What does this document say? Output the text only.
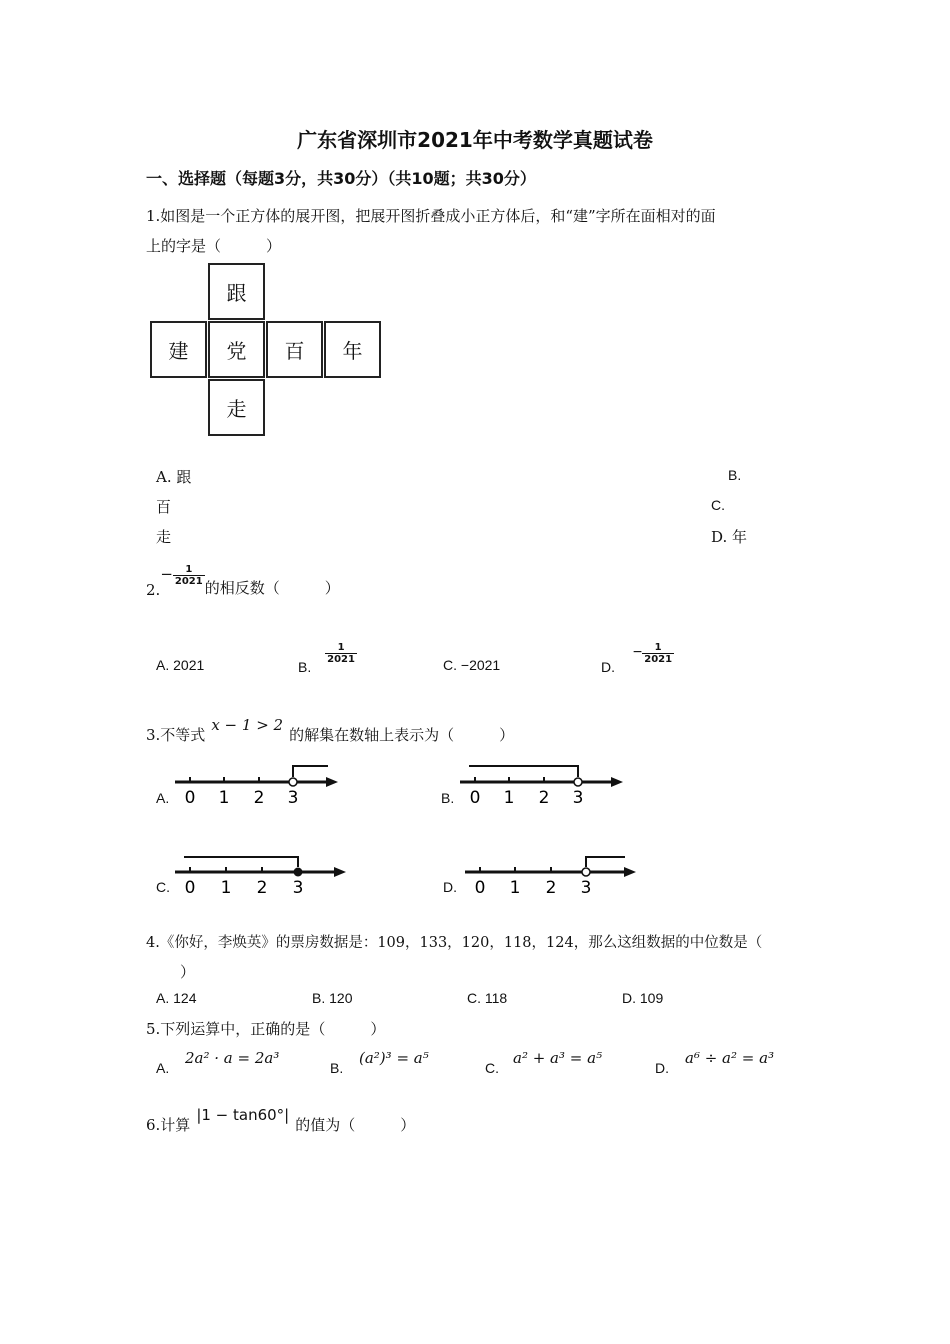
广东省深圳市2021年中考数学真题试卷
一、选择题（每题3分，共30分）（共10题；共30分）
1.如图是一个正方体的展开图，把展开图折叠成小正方体后，和“建”字所在面相对的面
上的字是（　　　）
跟
建	党	百	年
走
A. 跟	B.
百	C.
走	D. 年
$2.- \frac{1}{2021}$
的相反数（　　　）
A. 2021	B.
$\frac{1}{2021}$	C. −2021	D. − $\frac{1}{2021}$
3.不等式x − 1 > 2的解集在数轴上表示为（　　　）
A. 0 1 2 3	B. 0 1 2 3
C. 0 1 2 3	D. 0 1 2 3
4.《你好，李焕英》的票房数据是：109，133，120，118，124，那么这组数据的中位数是（
）
A. 124	B. 120	C. 118	D. 109
5.下列运算中，正确的是（　　　）
A.
2a² · a = 2a³
B.
(a²)³ = a⁵
C.
a² + a³ = a⁵
D.
a⁶ ÷ a² = a³
6.计算|1 − tan60°|的值为（　　　）
